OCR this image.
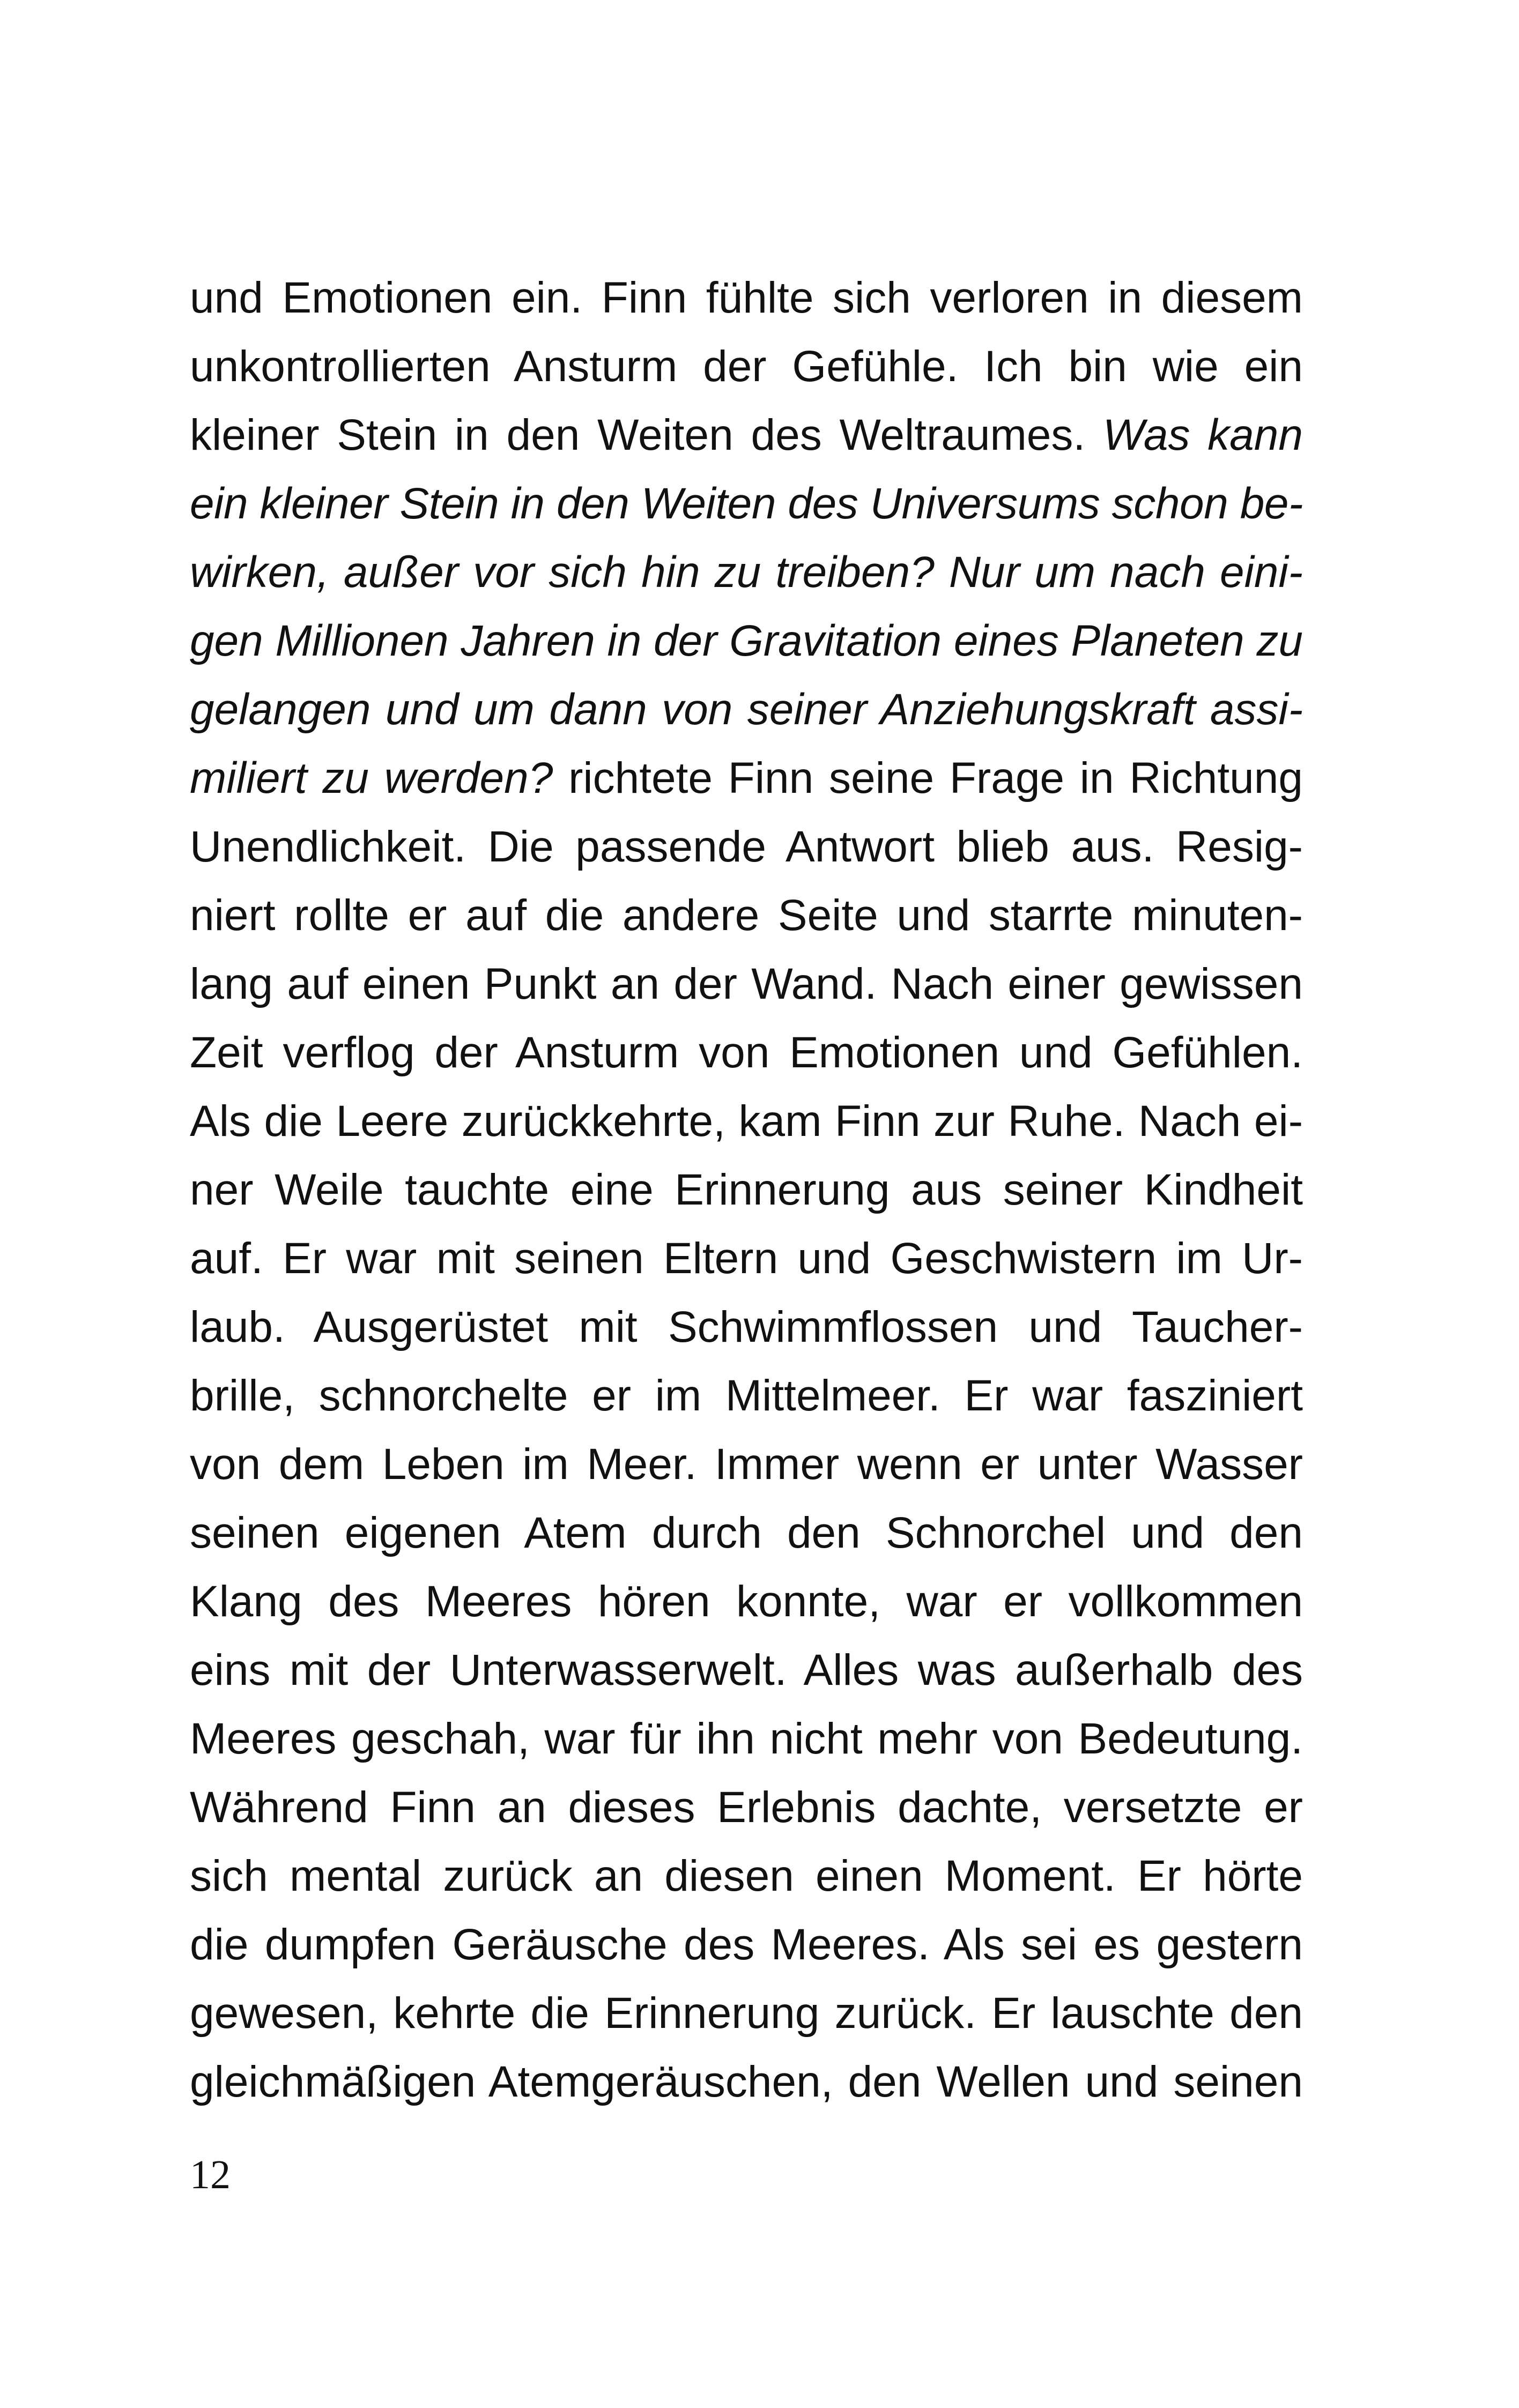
und Emotionen ein. Finn fühlte sich verloren in diesem
unkontrollierten Ansturm der Gefühle. Ich bin wie ein
kleiner Stein in den Weiten des Weltraumes. Was kann
ein kleiner Stein in den Weiten des Universums schon be-
wirken, außer vor sich hin zu treiben? Nur um nach eini-
gen Millionen Jahren in der Gravitation eines Planeten zu
gelangen und um dann von seiner Anziehungskraft assi-
miliert zu werden? richtete Finn seine Frage in Richtung
Unendlichkeit. Die passende Antwort blieb aus. Resig-
niert rollte er auf die andere Seite und starrte minuten-
lang auf einen Punkt an der Wand. Nach einer gewissen
Zeit verflog der Ansturm von Emotionen und Gefühlen.
Als die Leere zurückkehrte, kam Finn zur Ruhe. Nach ei-
ner Weile tauchte eine Erinnerung aus seiner Kindheit
auf. Er war mit seinen Eltern und Geschwistern im Ur-
laub. Ausgerüstet mit Schwimmflossen und Taucher-
brille, schnorchelte er im Mittelmeer. Er war fasziniert
von dem Leben im Meer. Immer wenn er unter Wasser
seinen eigenen Atem durch den Schnorchel und den
Klang des Meeres hören konnte, war er vollkommen
eins mit der Unterwasserwelt. Alles was außerhalb des
Meeres geschah, war für ihn nicht mehr von Bedeutung.
Während Finn an dieses Erlebnis dachte, versetzte er
sich mental zurück an diesen einen Moment. Er hörte
die dumpfen Geräusche des Meeres. Als sei es gestern
gewesen, kehrte die Erinnerung zurück. Er lauschte den
gleichmäßigen Atemgeräuschen, den Wellen und seinen
12
